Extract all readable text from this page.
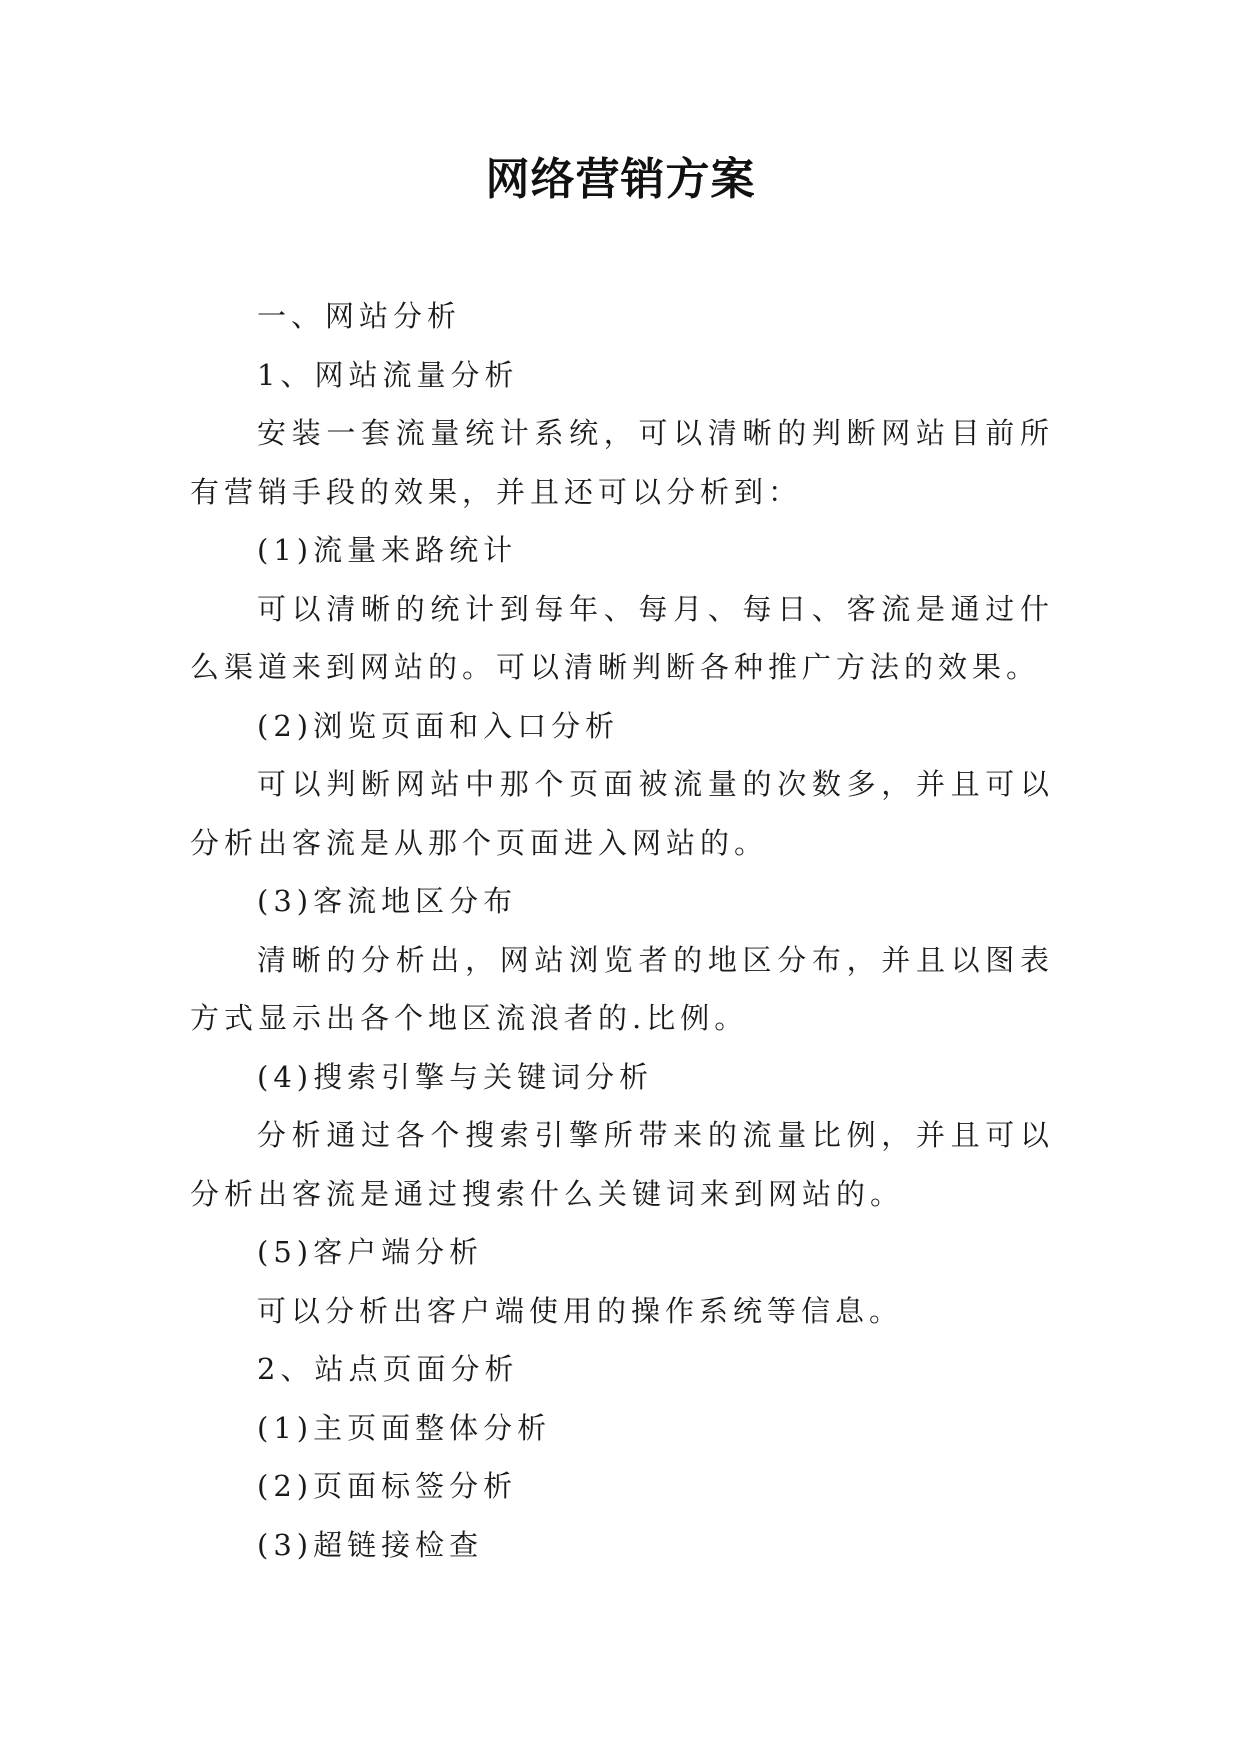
网络营销方案

一、网站分析

1、网站流量分析

安装一套流量统计系统，可以清晰的判断网站目前所有营销手段的效果，并且还可以分析到：

(1)流量来路统计

可以清晰的统计到每年、每月、每日、客流是通过什么渠道来到网站的。可以清晰判断各种推广方法的效果。

(2)浏览页面和入口分析

可以判断网站中那个页面被流量的次数多，并且可以分析出客流是从那个页面进入网站的。

(3)客流地区分布

清晰的分析出，网站浏览者的地区分布，并且以图表方式显示出各个地区流浪者的.比例。

(4)搜索引擎与关键词分析

分析通过各个搜索引擎所带来的流量比例，并且可以分析出客流是通过搜索什么关键词来到网站的。

(5)客户端分析

可以分析出客户端使用的操作系统等信息。

2、站点页面分析

(1)主页面整体分析

(2)页面标签分析

(3)超链接检查
